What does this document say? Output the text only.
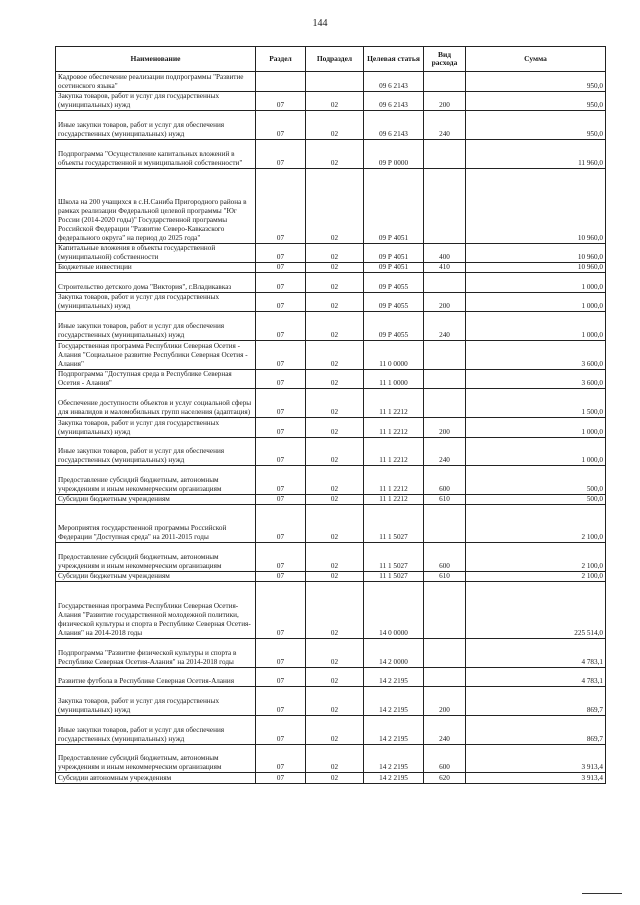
144
Наименование	Раздел	Подраздел	Целевая статья	Вид расхода	Сумма
Кадровое обеспечение реализации подпрограммы "Развитие осетинского языка"			09 6 2143		950,0
Закупка товаров, работ и услуг для государственных (муниципальных) нужд	07	02	09 6 2143	200	950,0
Иные закупки товаров, работ и услуг для обеспечения государственных (муниципальных) нужд	07	02	09 6 2143	240	950,0
Подпрограмма "Осуществление капитальных вложений в объекты государственной и муниципальной собственности"	07	02	09 Р 0000		11 960,0
Школа на 200 учащихся в с.Н.Саниба Пригородного района в рамках реализации Федеральной целевой программы "Юг России (2014-2020 годы)" Государственной программы Российской Федерации "Развитие Северо-Кавказского федерального округа" на период до 2025 года"	07	02	09 Р 4051		10 960,0
Капитальные вложения в объекты государственной (муниципальной) собственности	07	02	09 Р 4051	400	10 960,0
Бюджетные инвестиции	07	02	09 Р 4051	410	10 960,0
Строительство детского дома "Виктория", г.Владикавказ	07	02	09 Р 4055		1 000,0
Закупка товаров, работ и услуг для государственных (муниципальных) нужд	07	02	09 Р 4055	200	1 000,0
Иные закупки товаров, работ и услуг для обеспечения государственных (муниципальных) нужд	07	02	09 Р 4055	240	1 000,0
Государственная программа Республики Северная Осетия - Алания "Социальное развитие Республики Северная Осетия - Алания"	07	02	11 0 0000		3 600,0
Подпрограмма "Доступная среда в Республике Северная Осетия - Алания"	07	02	11 1 0000		3 600,0
Обеспечение доступности объектов и услуг социальной сферы для инвалидов и маломобильных групп населения (адаптация)	07	02	11 1 2212		1 500,0
Закупка товаров, работ и услуг для государственных (муниципальных) нужд	07	02	11 1 2212	200	1 000,0
Иные закупки товаров, работ и услуг для обеспечения государственных (муниципальных) нужд	07	02	11 1 2212	240	1 000,0
Предоставление субсидий бюджетным, автономным учреждениям и иным некоммерческим организациям	07	02	11 1 2212	600	500,0
Субсидии бюджетным учреждениям	07	02	11 1 2212	610	500,0
Мероприятия государственной программы Российской Федерации "Доступная среда" на 2011-2015 годы	07	02	11 1 5027		2 100,0
Предоставление субсидий бюджетным, автономным учреждениям и иным некоммерческим организациям	07	02	11 1 5027	600	2 100,0
Субсидии бюджетным учреждениям	07	02	11 1 5027	610	2 100,0
Государственная программа Республики Северная Осетия-Алания "Развитие государственной молодежной политики, физической культуры и спорта в Республике Северная Осетия-Алания" на 2014-2018 годы	07	02	14 0 0000		225 514,0
Подпрограмма "Развитие физической культуры и спорта в Республике Северная Осетия-Алания" на 2014-2018 годы	07	02	14 2 0000		4 783,1
Развитие футбола в Республике Северная Осетия-Алания	07	02	14 2 2195		4 783,1
Закупка товаров, работ и услуг для государственных (муниципальных) нужд	07	02	14 2 2195	200	869,7
Иные закупки товаров, работ и услуг для обеспечения государственных (муниципальных) нужд	07	02	14 2 2195	240	869,7
Предоставление субсидий бюджетным, автономным учреждениям и иным некоммерческим организациям	07	02	14 2 2195	600	3 913,4
Субсидии автономным учреждениям	07	02	14 2 2195	620	3 913,4
